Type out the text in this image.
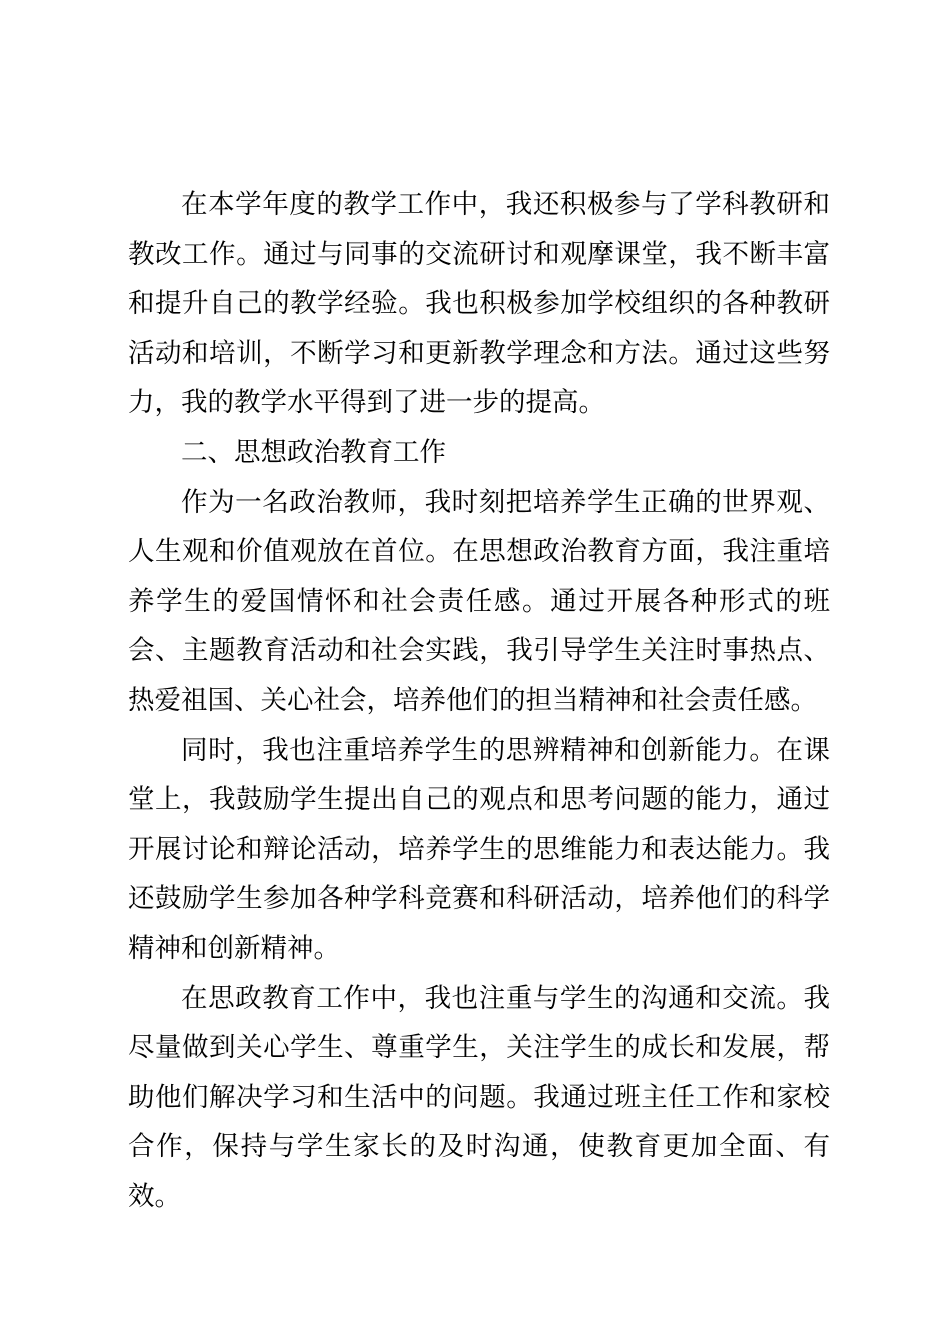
在本学年度的教学工作中，我还积极参与了学科教研和教改工作。通过与同事的交流研讨和观摩课堂，我不断丰富和提升自己的教学经验。我也积极参加学校组织的各种教研活动和培训，不断学习和更新教学理念和方法。通过这些努力，我的教学水平得到了进一步的提高。

二、思想政治教育工作

作为一名政治教师，我时刻把培养学生正确的世界观、人生观和价值观放在首位。在思想政治教育方面，我注重培养学生的爱国情怀和社会责任感。通过开展各种形式的班会、主题教育活动和社会实践，我引导学生关注时事热点、热爱祖国、关心社会，培养他们的担当精神和社会责任感。

同时，我也注重培养学生的思辨精神和创新能力。在课堂上，我鼓励学生提出自己的观点和思考问题的能力，通过开展讨论和辩论活动，培养学生的思维能力和表达能力。我还鼓励学生参加各种学科竞赛和科研活动，培养他们的科学精神和创新精神。

在思政教育工作中，我也注重与学生的沟通和交流。我尽量做到关心学生、尊重学生，关注学生的成长和发展，帮助他们解决学习和生活中的问题。我通过班主任工作和家校合作，保持与学生家长的及时沟通，使教育更加全面、有效。
